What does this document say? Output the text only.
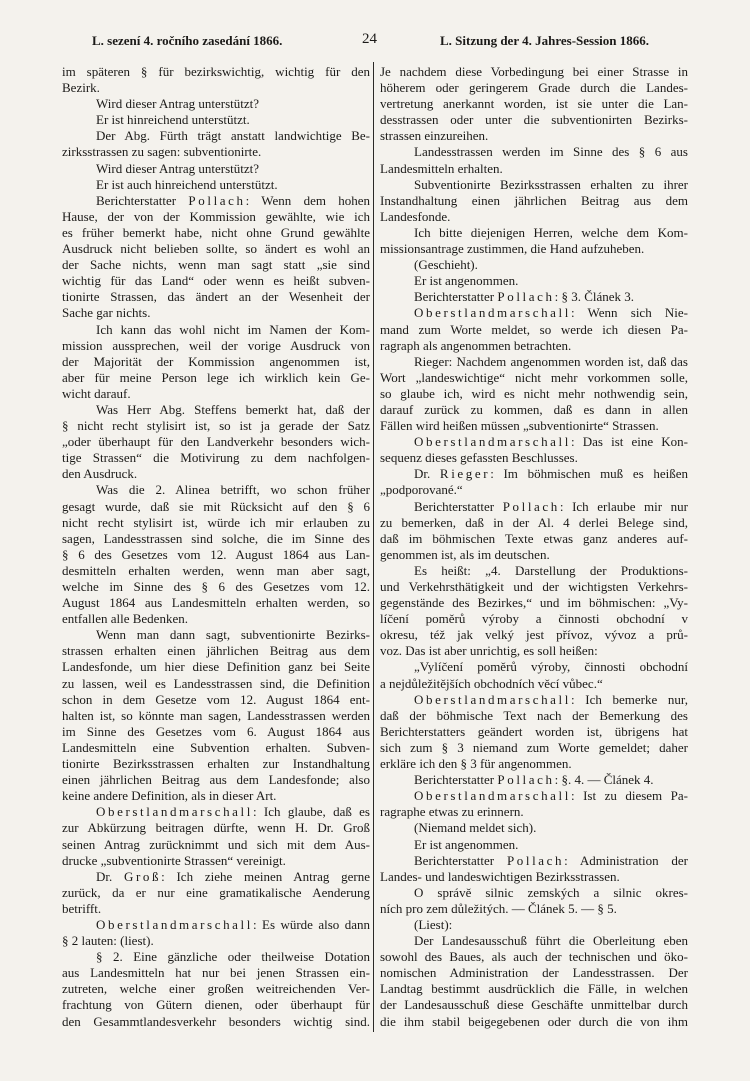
L. sezení 4. ročního zasedání 1866.	24	L. Sitzung der 4. Jahres-Session 1866.
im späteren § für bezirkswichtig, wichtig für den
Bezirk.
Wird dieser Antrag unterstützt?
Er ist hinreichend unterstützt.
Der Abg. Fürth trägt anstatt landwichtige Be-
zirksstrassen zu sagen: subventionirte.
Wird dieser Antrag unterstützt?
Er ist auch hinreichend unterstützt.
Berichterstatter Pollach: Wenn dem hohen
Hause, der von der Kommission gewählte, wie ich
es früher bemerkt habe, nicht ohne Grund gewählte
Ausdruck nicht belieben sollte, so ändert es wohl an
der Sache nichts, wenn man sagt statt „sie sind
wichtig für das Land“ oder wenn es heißt subven-
tionirte Strassen, das ändert an der Wesenheit der
Sache gar nichts.
Ich kann das wohl nicht im Namen der Kom-
mission aussprechen, weil der vorige Ausdruck von
der Majorität der Kommission angenommen ist,
aber für meine Person lege ich wirklich kein Ge-
wicht darauf.
Was Herr Abg. Steffens bemerkt hat, daß der
§ nicht recht stylisirt ist, so ist ja gerade der Satz
„oder überhaupt für den Landverkehr besonders wich-
tige Strassen“ die Motivirung zu dem nachfolgen-
den Ausdruck.
Was die 2. Alinea betrifft, wo schon früher
gesagt wurde, daß sie mit Rücksicht auf den § 6
nicht recht stylisirt ist, würde ich mir erlauben zu
sagen, Landesstrassen sind solche, die im Sinne des
§ 6 des Gesetzes vom 12. August 1864 aus Lan-
desmitteln erhalten werden, wenn man aber sagt,
welche im Sinne des § 6 des Gesetzes vom 12.
August 1864 aus Landesmitteln erhalten werden, so
entfallen alle Bedenken.
Wenn man dann sagt, subventionirte Bezirks-
strassen erhalten einen jährlichen Beitrag aus dem
Landesfonde, um hier diese Definition ganz bei Seite
zu lassen, weil es Landesstrassen sind, die Definition
schon in dem Gesetze vom 12. August 1864 ent-
halten ist, so könnte man sagen, Landesstrassen werden
im Sinne des Gesetzes vom 6. August 1864 aus
Landesmitteln eine Subvention erhalten. Subven-
tionirte Bezirksstrassen erhalten zur Instandhaltung
einen jährlichen Beitrag aus dem Landesfonde; also
keine andere Definition, als in dieser Art.
Oberstlandmarschall: Ich glaube, daß es
zur Abkürzung beitragen dürfte, wenn H. Dr. Groß
seinen Antrag zurücknimmt und sich mit dem Aus-
drucke „subventionirte Strassen“ vereinigt.
Dr. Groß: Ich ziehe meinen Antrag gerne
zurück, da er nur eine gramatikalische Aenderung
betrifft.
Oberstlandmarschall: Es würde also dann
§ 2 lauten: (liest).
§ 2. Eine gänzliche oder theilweise Dotation
aus Landesmitteln hat nur bei jenen Strassen ein-
zutreten, welche einer großen weitreichenden Ver-
frachtung von Gütern dienen, oder überhaupt für
den Gesammtlandesverkehr besonders wichtig sind.
Je nachdem diese Vorbedingung bei einer Strasse in
höherem oder geringerem Grade durch die Landes-
vertretung anerkannt worden, ist sie unter die Lan-
desstrassen oder unter die subventionirten Bezirks-
strassen einzureihen.
Landesstrassen werden im Sinne des § 6 aus
Landesmitteln erhalten.
Subventionirte Bezirksstrassen erhalten zu ihrer
Instandhaltung einen jährlichen Beitrag aus dem
Landesfonde.
Ich bitte diejenigen Herren, welche dem Kom-
missionsantrage zustimmen, die Hand aufzuheben.
(Geschieht).
Er ist angenommen.
Berichterstatter Pollach: § 3. Článek 3.
Oberstlandmarschall: Wenn sich Nie-
mand zum Worte meldet, so werde ich diesen Pa-
ragraph als angenommen betrachten.
Rieger: Nachdem angenommen worden ist, daß das
Wort „landeswichtige“ nicht mehr vorkommen solle,
so glaube ich, wird es nicht mehr nothwendig sein,
darauf zurück zu kommen, daß es dann in allen
Fällen wird heißen müssen „subventionirte“ Strassen.
Oberstlandmarschall: Das ist eine Kon-
sequenz dieses gefassten Beschlusses.
Dr. Rieger: Im böhmischen muß es heißen
„podporované.“
Berichterstatter Pollach: Ich erlaube mir nur
zu bemerken, daß in der Al. 4 derlei Belege sind,
daß im böhmischen Texte etwas ganz anderes auf-
genommen ist, als im deutschen.
Es heißt: „4. Darstellung der Produktions-
und Verkehrsthätigkeit und der wichtigsten Verkehrs-
gegenstände des Bezirkes,“ und im böhmischen: „Vy-
líčení poměrů výroby a činnosti obchodní v
okresu, též jak velký jest přívoz, vývoz a prů-
voz. Das ist aber unrichtig, es soll heißen:
„Vylíčení poměrů výroby, činnosti obchodní
a nejdůležitějších obchodních věcí vůbec.“
Oberstlandmarschall: Ich bemerke nur,
daß der böhmische Text nach der Bemerkung des
Berichterstatters geändert worden ist, übrigens hat
sich zum § 3 niemand zum Worte gemeldet; daher
erkläre ich den § 3 für angenommen.
Berichterstatter Pollach: §. 4. — Článek 4.
Oberstlandmarschall: Ist zu diesem Pa-
ragraphe etwas zu erinnern.
(Niemand meldet sich).
Er ist angenommen.
Berichterstatter Pollach: Administration der
Landes- und landeswichtigen Bezirksstrassen.
O správě silnic zemských a silnic okres-
ních pro zem důležitých. — Článek 5. — § 5.
(Liest):
Der Landesausschuß führt die Oberleitung eben
sowohl des Baues, als auch der technischen und öko-
nomischen Administration der Landesstrassen. Der
Landtag bestimmt ausdrücklich die Fälle, in welchen
der Landesausschuß diese Geschäfte unmittelbar durch
die ihm stabil beigegebenen oder durch die von ihm
